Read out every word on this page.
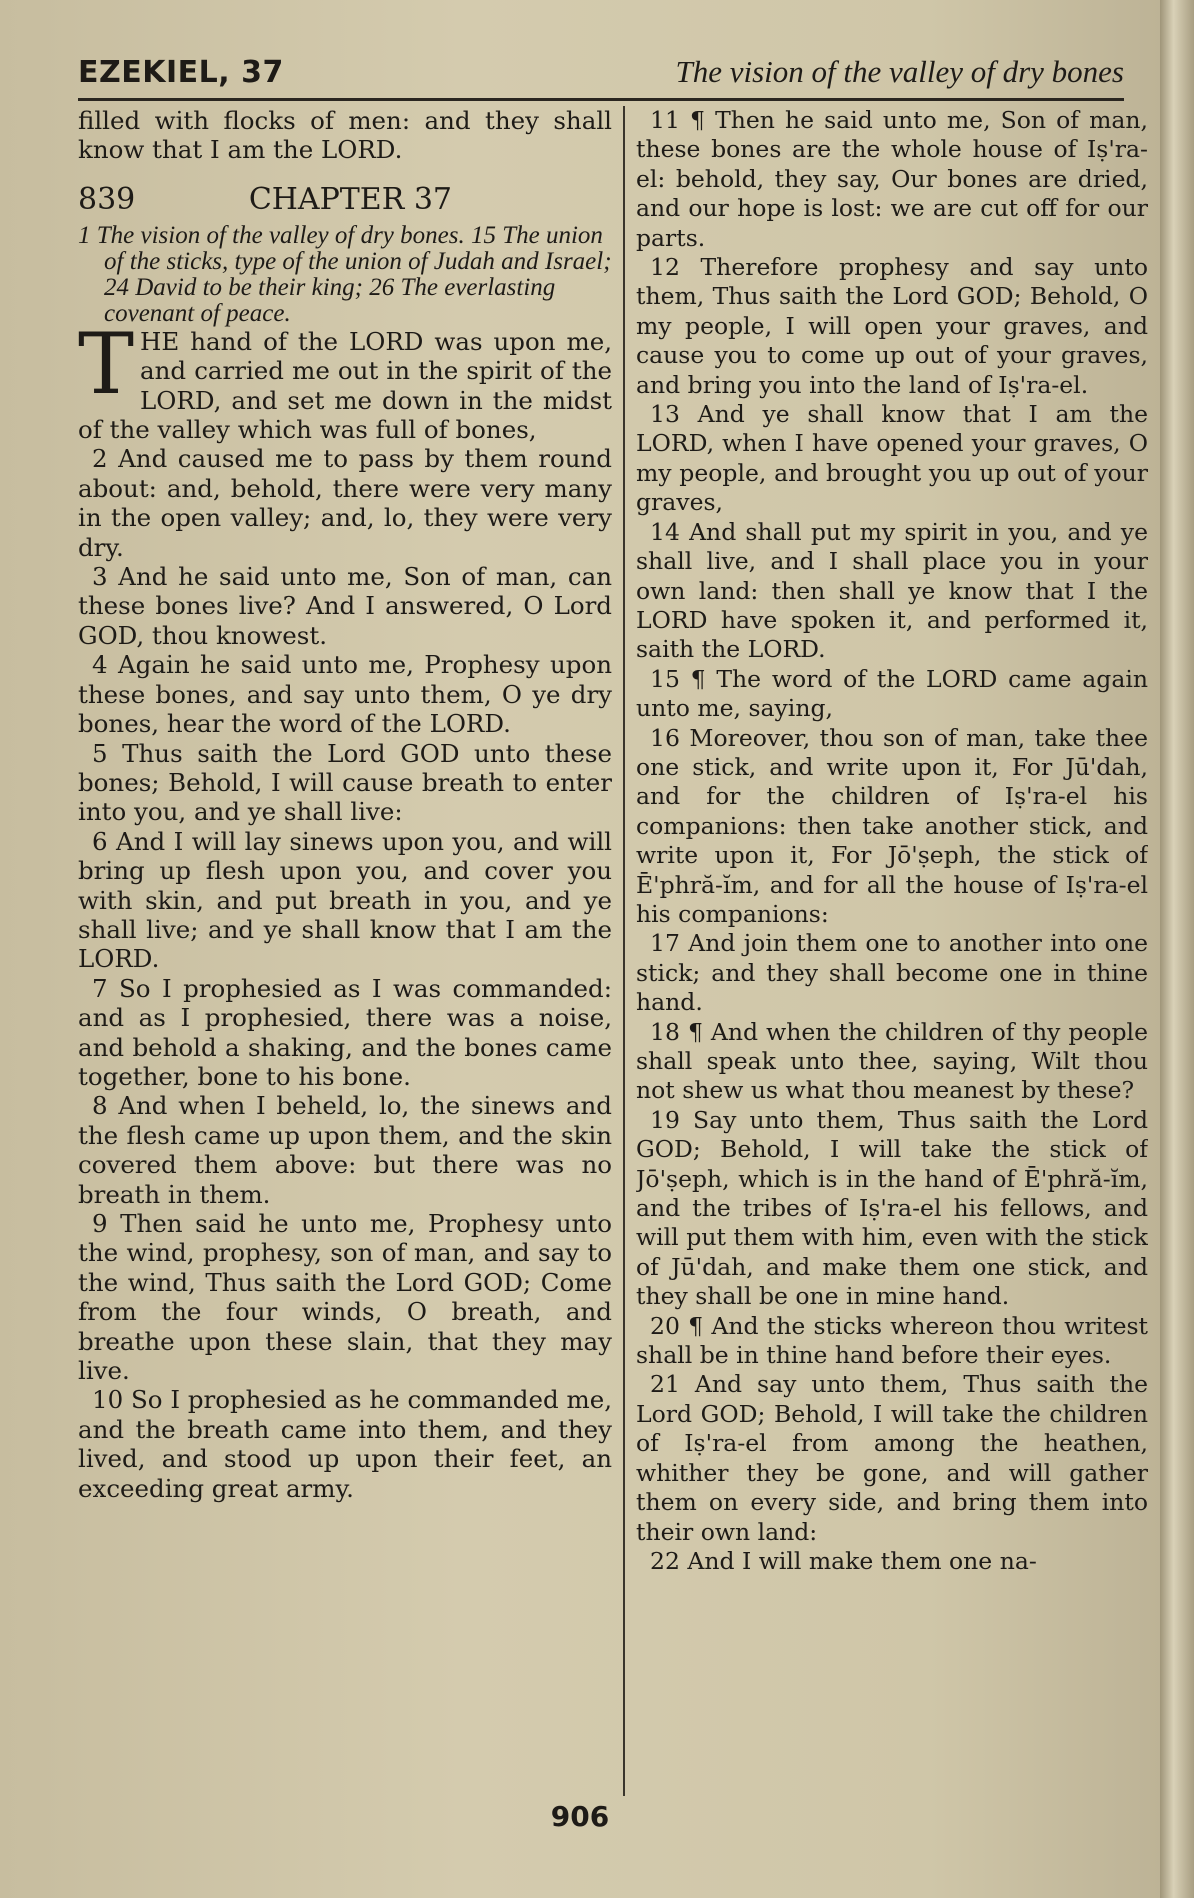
EZEKIEL, 37	The vision of the valley of dry bones

filled with flocks of men: and they shall know that I am the LORD.

839	CHAPTER 37

1 The vision of the valley of dry bones. 15 The union of the sticks, type of the union of Judah and Israel; 24 David to be their king; 26 The everlasting covenant of peace.

THE hand of the LORD was upon me, and carried me out in the spirit of the LORD, and set me down in the midst of the valley which was full of bones,

2 And caused me to pass by them round about: and, behold, there were very many in the open valley; and, lo, they were very dry.

3 And he said unto me, Son of man, can these bones live? And I answered, O Lord GOD, thou knowest.

4 Again he said unto me, Prophesy upon these bones, and say unto them, O ye dry bones, hear the word of the LORD.

5 Thus saith the Lord GOD unto these bones; Behold, I will cause breath to enter into you, and ye shall live:

6 And I will lay sinews upon you, and will bring up flesh upon you, and cover you with skin, and put breath in you, and ye shall live; and ye shall know that I am the LORD.

7 So I prophesied as I was commanded: and as I prophesied, there was a noise, and behold a shaking, and the bones came together, bone to his bone.

8 And when I beheld, lo, the sinews and the flesh came up upon them, and the skin covered them above: but there was no breath in them.

9 Then said he unto me, Prophesy unto the wind, prophesy, son of man, and say to the wind, Thus saith the Lord GOD; Come from the four winds, O breath, and breathe upon these slain, that they may live.

10 So I prophesied as he commanded me, and the breath came into them, and they lived, and stood up upon their feet, an exceeding great army.

11 ¶ Then he said unto me, Son of man, these bones are the whole house of Iṣ'ra-el: behold, they say, Our bones are dried, and our hope is lost: we are cut off for our parts.

12 Therefore prophesy and say unto them, Thus saith the Lord GOD; Behold, O my people, I will open your graves, and cause you to come up out of your graves, and bring you into the land of Iṣ'ra-el.

13 And ye shall know that I am the LORD, when I have opened your graves, O my people, and brought you up out of your graves,

14 And shall put my spirit in you, and ye shall live, and I shall place you in your own land: then shall ye know that I the LORD have spoken it, and performed it, saith the LORD.

15 ¶ The word of the LORD came again unto me, saying,

16 Moreover, thou son of man, take thee one stick, and write upon it, For Jū'dah, and for the children of Iṣ'ra-el his companions: then take another stick, and write upon it, For Jō'ṣeph, the stick of Ē'phră-ĭm, and for all the house of Iṣ'ra-el his companions:

17 And join them one to another into one stick; and they shall become one in thine hand.

18 ¶ And when the children of thy people shall speak unto thee, saying, Wilt thou not shew us what thou meanest by these?

19 Say unto them, Thus saith the Lord GOD; Behold, I will take the stick of Jō'ṣeph, which is in the hand of Ē'phră-ĭm, and the tribes of Iṣ'ra-el his fellows, and will put them with him, even with the stick of Jū'dah, and make them one stick, and they shall be one in mine hand.

20 ¶ And the sticks whereon thou writest shall be in thine hand before their eyes.

21 And say unto them, Thus saith the Lord GOD; Behold, I will take the children of Iṣ'ra-el from among the heathen, whither they be gone, and will gather them on every side, and bring them into their own land:

22 And I will make them one na-

906
